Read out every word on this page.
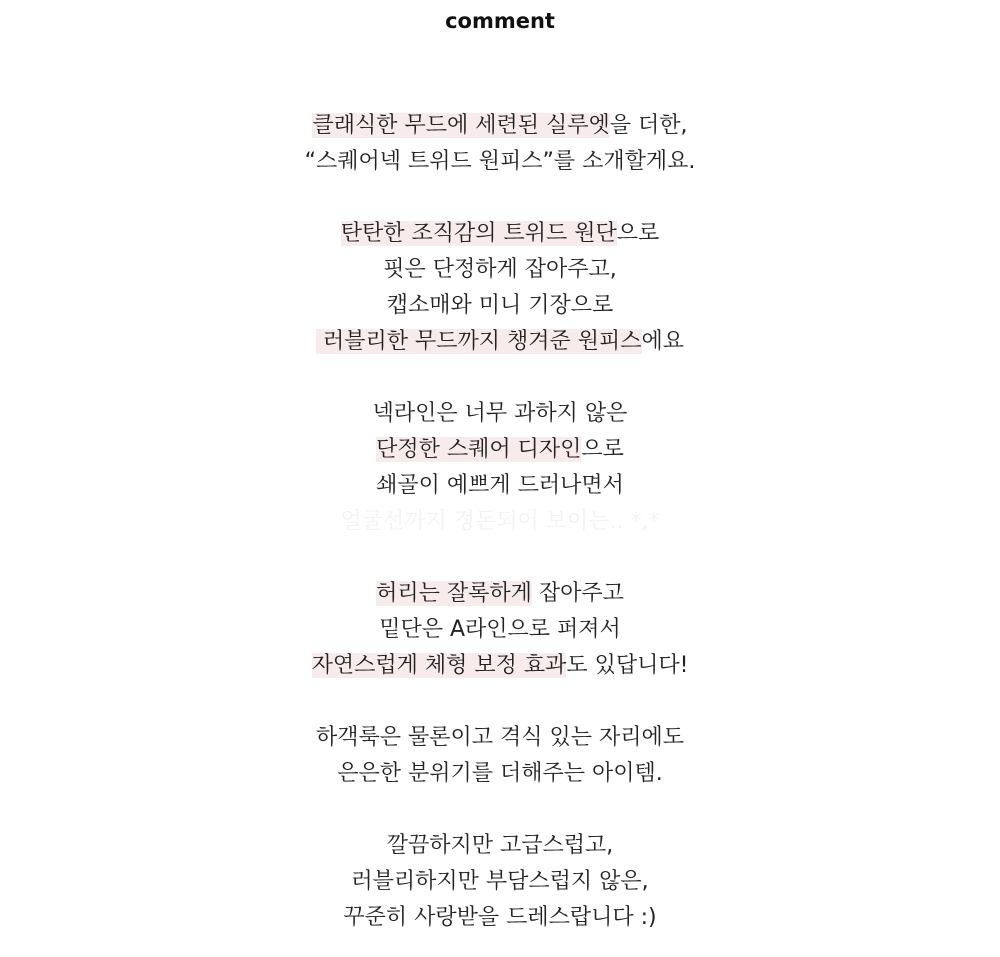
comment
클래식한 무드에 세련된 실루엣을 더한,
“스퀘어넥 트위드 원피스”를 소개할게요.
탄탄한 조직감의 트위드 원단으로
핏은 단정하게 잡아주고,
캡소매와 미니 기장으로
러블리한 무드까지 챙겨준 원피스에요
넥라인은 너무 과하지 않은
단정한 스퀘어 디자인으로
쇄골이 예쁘게 드러나면서
얼굴선까지 정돈되어 보이는.. *,*
허리는 잘록하게 잡아주고
밑단은 A라인으로 퍼져서
자연스럽게 체형 보정 효과도 있답니다!
하객룩은 물론이고 격식 있는 자리에도
은은한 분위기를 더해주는 아이템.
깔끔하지만 고급스럽고,
러블리하지만 부담스럽지 않은,
꾸준히 사랑받을 드레스랍니다 :)
